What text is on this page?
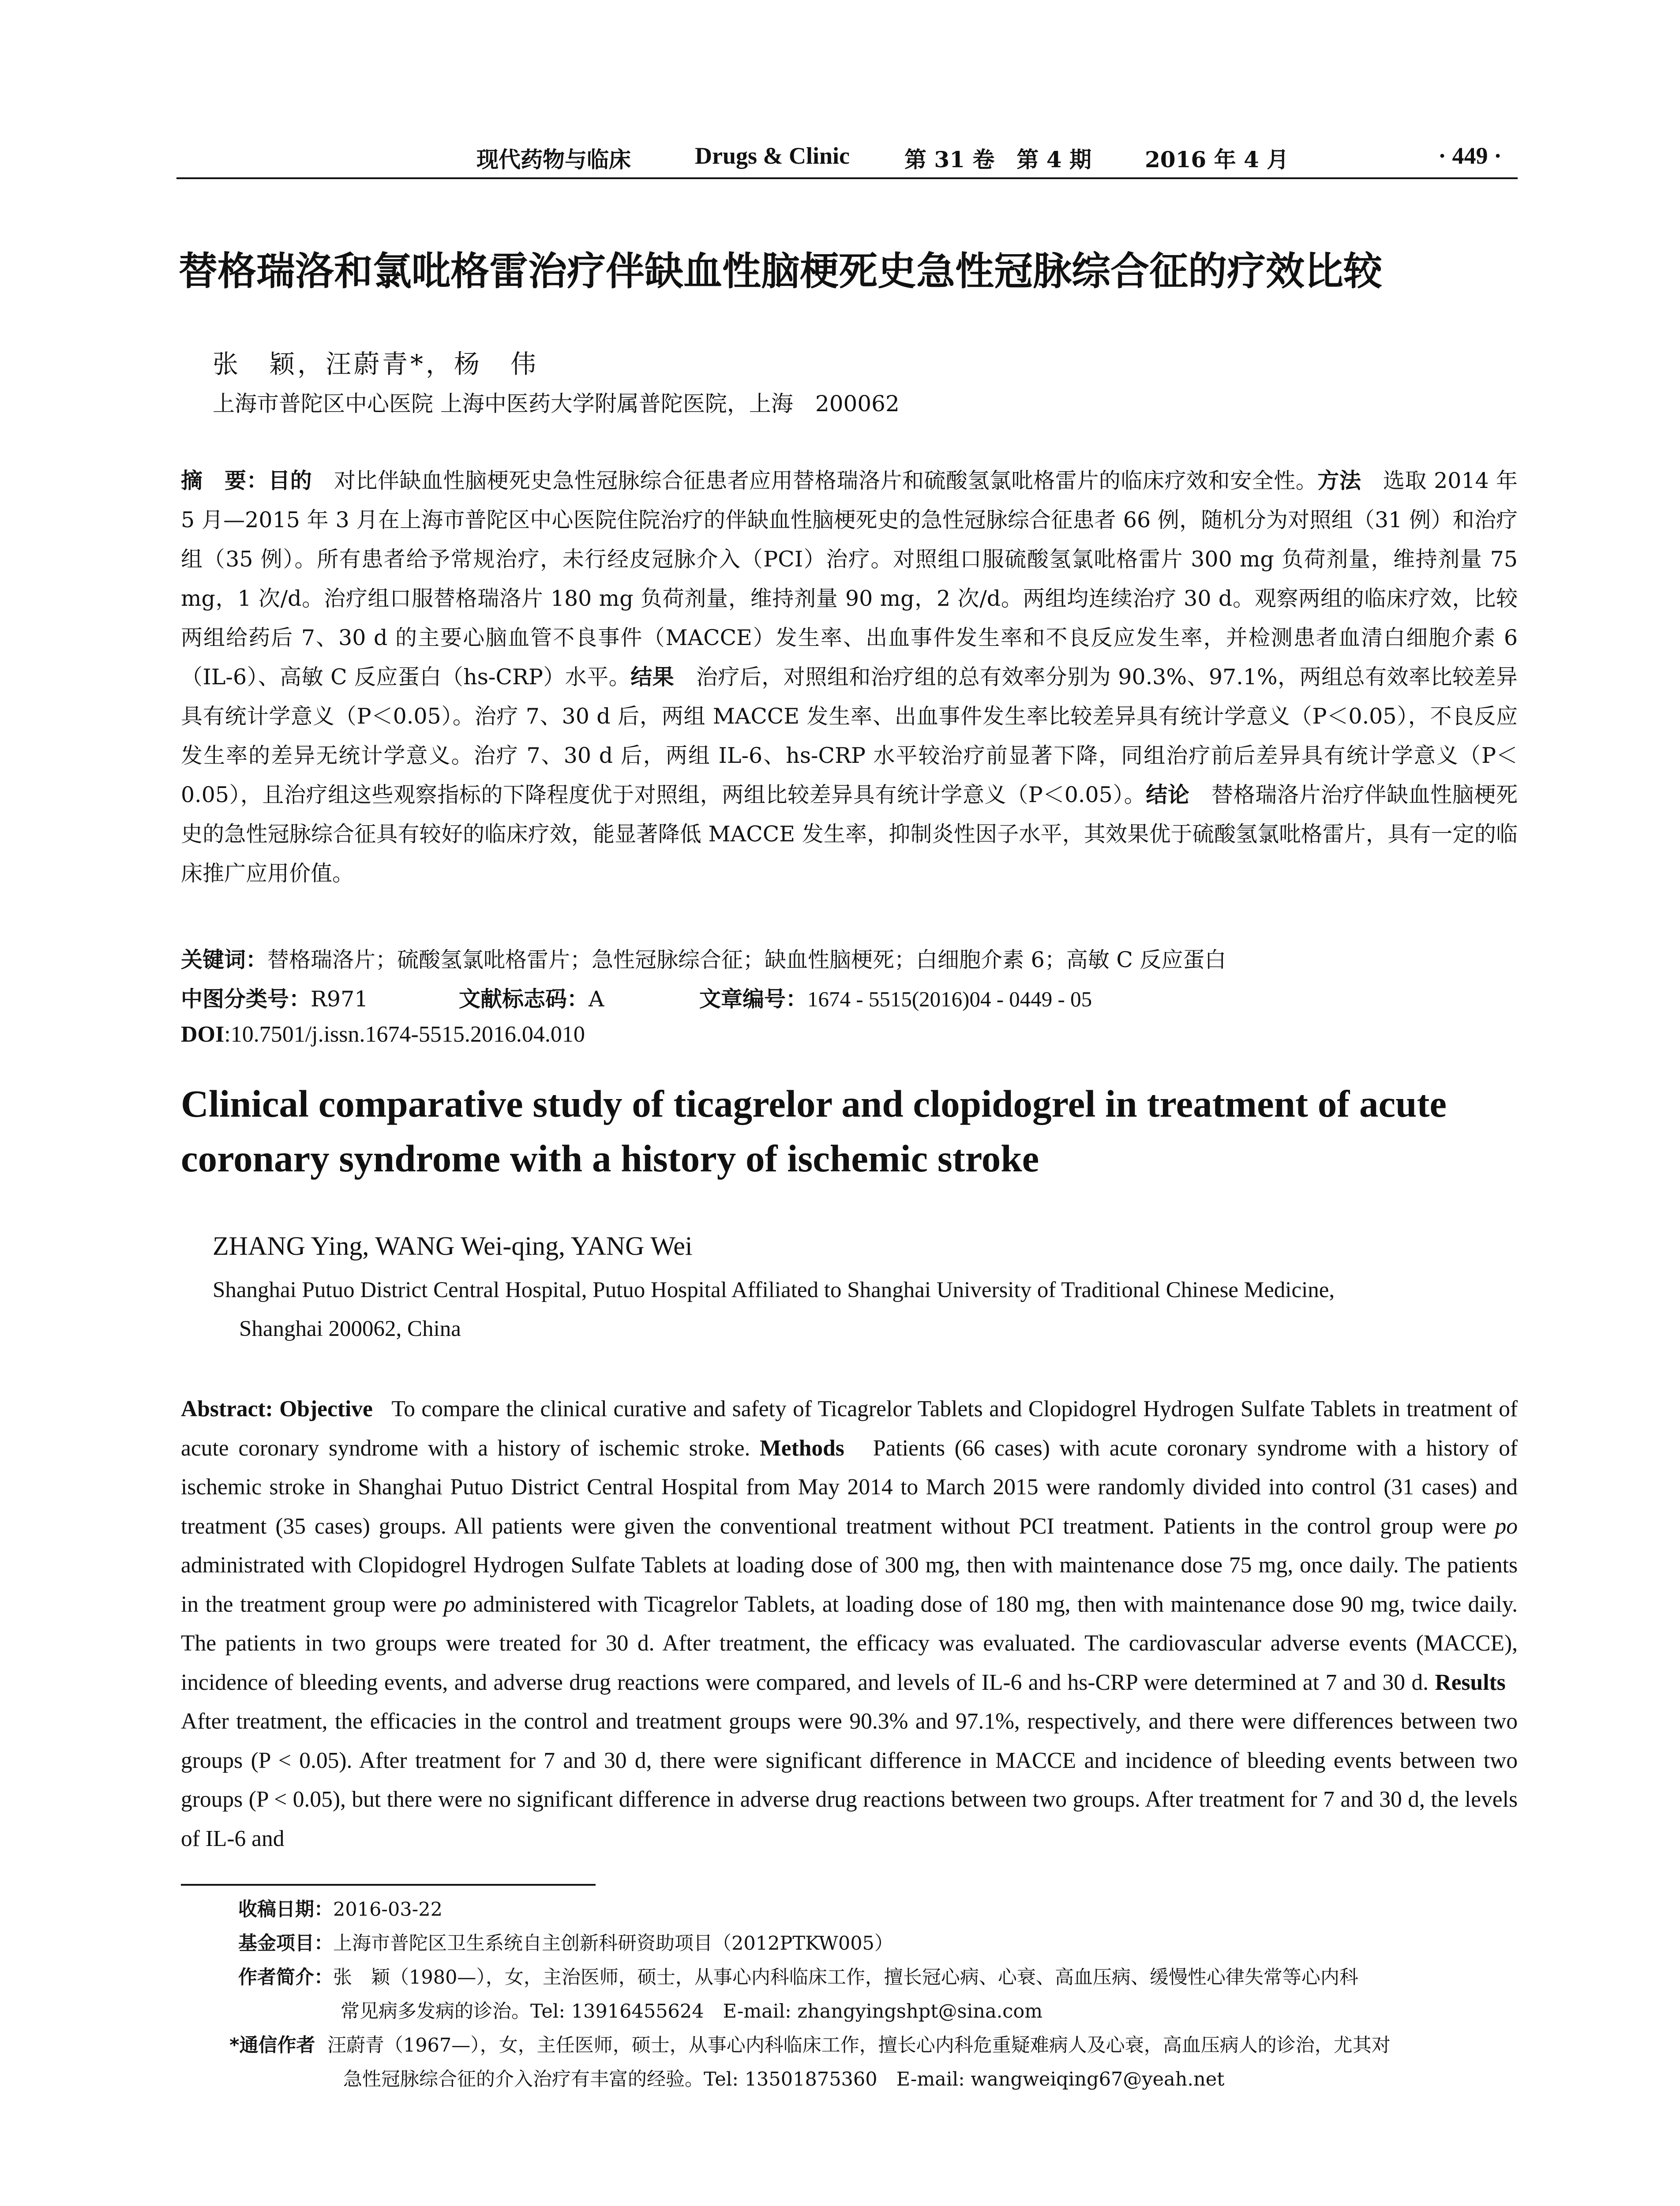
现代药物与临床	Drugs & Clinic 第 31 卷　第 4 期 2016 年 4 月	· 449 ·
替格瑞洛和氯吡格雷治疗伴缺血性脑梗死史急性冠脉综合征的疗效比较
张　颖，汪蔚青*，杨　伟
上海市普陀区中心医院 上海中医药大学附属普陀医院，上海　200062
摘　要：目的　 对比伴缺血性脑梗死史急性冠脉综合征患者应用替格瑞洛片和硫酸氢氯吡格雷片的临床疗效和安全性。方法　 选取 2014 年 5 月—2015 年 3 月在上海市普陀区中心医院住院治疗的伴缺血性脑梗死史的急性冠脉综合征患者 66 例，随机分为对照组（31 例）和治疗组（35 例）。所有患者给予常规治疗，未行经皮冠脉介入（PCI）治疗。对照组口服硫酸氢氯吡格雷片 300 mg 负荷剂量，维持剂量 75 mg，1 次/d。治疗组口服替格瑞洛片 180 mg 负荷剂量，维持剂量 90 mg，2 次/d。两组均连续治疗 30 d。观察两组的临床疗效，比较两组给药后 7、30 d 的主要心脑血管不良事件（MACCE）发生率、出血事件发生率和不良反应发生率，并检测患者血清白细胞介素 6（IL-6）、高敏 C 反应蛋白（hs-CRP）水平。结果　 治疗后，对照组和治疗组的总有效率分别为 90.3%、97.1%，两组总有效率比较差异具有统计学意义（P＜0.05）。治疗 7、30 d 后，两组 MACCE 发生率、出血事件发生率比较差异具有统计学意义（P＜0.05），不良反应发生率的差异无统计学意义。治疗 7、30 d 后，两组 IL-6、hs-CRP 水平较治疗前显著下降，同组治疗前后差异具有统计学意义（P＜0.05），且治疗组这些观察指标的下降程度优于对照组，两组比较差异具有统计学意义（P＜0.05）。结论　 替格瑞洛片治疗伴缺血性脑梗死史的急性冠脉综合征具有较好的临床疗效，能显著降低 MACCE 发生率，抑制炎性因子水平，其效果优于硫酸氢氯吡格雷片，具有一定的临床推广应用价值。
关键词：替格瑞洛片；硫酸氢氯吡格雷片；急性冠脉综合征；缺血性脑梗死；白细胞介素 6；高敏 C 反应蛋白
中图分类号：R971	文献标志码：A	文章编号：1674 - 5515(2016)04 - 0449 - 05
DOI:10.7501/j.issn.1674-5515.2016.04.010
Clinical comparative study of ticagrelor and clopidogrel in treatment of acute coronary syndrome with a history of ischemic stroke
ZHANG Ying, WANG Wei-qing, YANG Wei
Shanghai Putuo District Central Hospital, Putuo Hospital Affiliated to Shanghai University of Traditional Chinese Medicine,
Shanghai 200062, China
Abstract: Objective To compare the clinical curative and safety of Ticagrelor Tablets and Clopidogrel Hydrogen Sulfate Tablets in treatment of acute coronary syndrome with a history of ischemic stroke. Methods Patients (66 cases) with acute coronary syndrome with a history of ischemic stroke in Shanghai Putuo District Central Hospital from May 2014 to March 2015 were randomly divided into control (31 cases) and treatment (35 cases) groups. All patients were given the conventional treatment without PCI treatment. Patients in the control group were po administrated with Clopidogrel Hydrogen Sulfate Tablets at loading dose of 300 mg, then with maintenance dose 75 mg, once daily. The patients in the treatment group were po administered with Ticagrelor Tablets, at loading dose of 180 mg, then with maintenance dose 90 mg, twice daily. The patients in two groups were treated for 30 d. After treatment, the efficacy was evaluated. The cardiovascular adverse events (MACCE), incidence of bleeding events, and adverse drug reactions were compared, and levels of IL-6 and hs-CRP were determined at 7 and 30 d. Results   After treatment, the efficacies in the control and treatment groups were 90.3% and 97.1%, respectively, and there were differences between two groups (P < 0.05). After treatment for 7 and 30 d, there were significant difference in MACCE and incidence of bleeding events between two groups (P < 0.05), but there were no significant difference in adverse drug reactions between two groups. After treatment for 7 and 30 d, the levels of IL-6 and
收稿日期：2016-03-22
基金项目：上海市普陀区卫生系统自主创新科研资助项目（2012PTKW005）
作者简介：张　颖（1980—），女，主治医师，硕士，从事心内科临床工作，擅长冠心病、心衰、高血压病、缓慢性心律失常等心内科
常见病多发病的诊治。Tel: 13916455624　E-mail: zhangyingshpt@sina.com
*通信作者 汪蔚青（1967—），女，主任医师，硕士，从事心内科临床工作，擅长心内科危重疑难病人及心衰，高血压病人的诊治，尤其对
急性冠脉综合征的介入治疗有丰富的经验。Tel: 13501875360　E-mail: wangweiqing67@yeah.net
